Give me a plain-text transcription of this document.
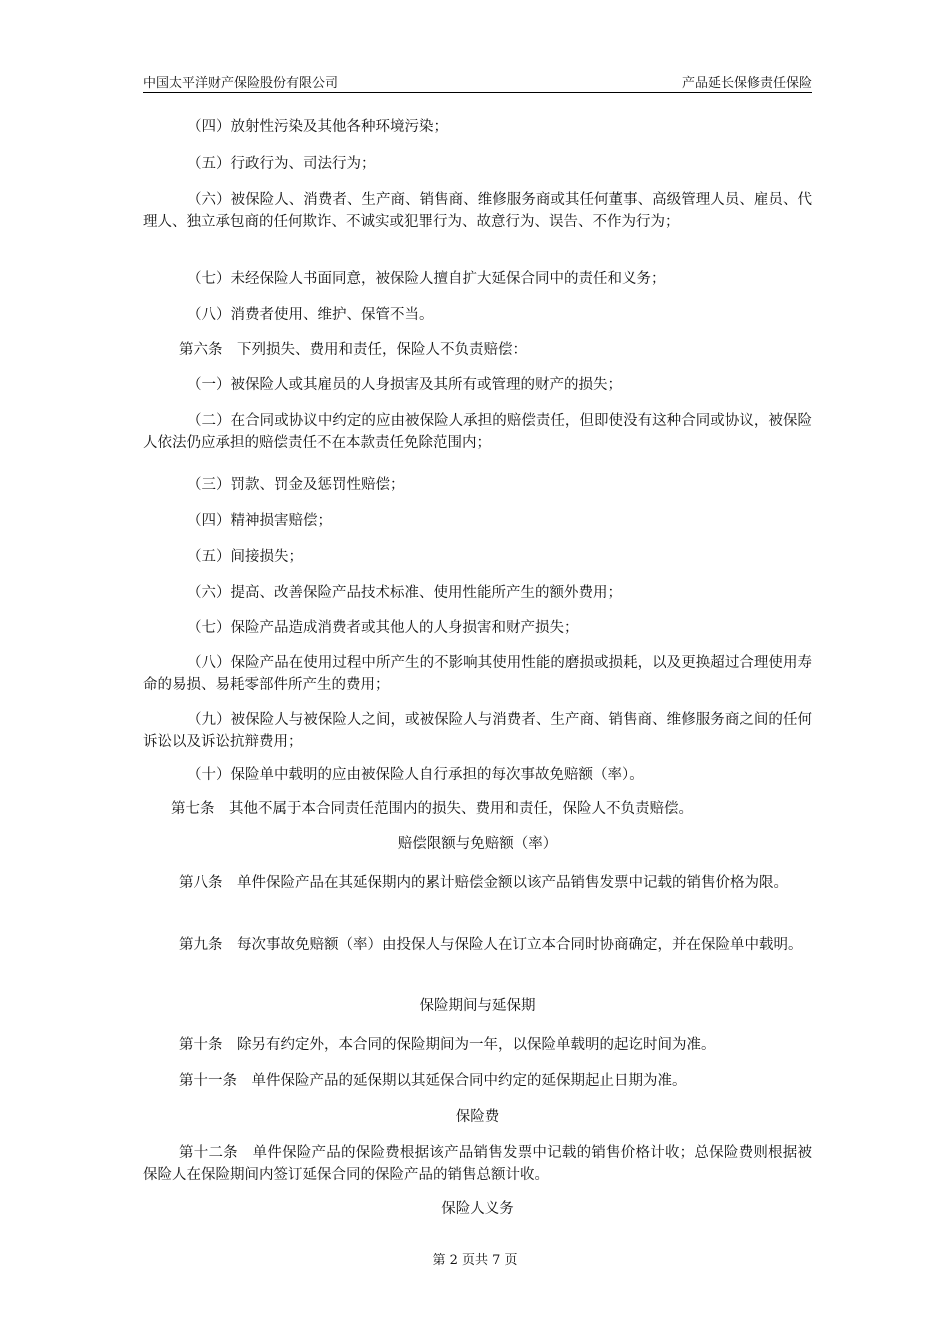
中国太平洋财产保险股份有限公司	产品延长保修责任保险
（四）放射性污染及其他各种环境污染；
（五）行政行为、司法行为；
（六）被保险人、消费者、生产商、销售商、维修服务商或其任何董事、高级管理人员、雇员、代理人、独立承包商的任何欺诈、不诚实或犯罪行为、故意行为、误告、不作为行为；
（七）未经保险人书面同意，被保险人擅自扩大延保合同中的责任和义务；
（八）消费者使用、维护、保管不当。
第六条　下列损失、费用和责任，保险人不负责赔偿：
（一）被保险人或其雇员的人身损害及其所有或管理的财产的损失；
（二）在合同或协议中约定的应由被保险人承担的赔偿责任，但即使没有这种合同或协议，被保险人依法仍应承担的赔偿责任不在本款责任免除范围内；
（三）罚款、罚金及惩罚性赔偿；
（四）精神损害赔偿；
（五）间接损失；
（六）提高、改善保险产品技术标准、使用性能所产生的额外费用；
（七）保险产品造成消费者或其他人的人身损害和财产损失；
（八）保险产品在使用过程中所产生的不影响其使用性能的磨损或损耗，以及更换超过合理使用寿命的易损、易耗零部件所产生的费用；
（九）被保险人与被保险人之间，或被保险人与消费者、生产商、销售商、维修服务商之间的任何诉讼以及诉讼抗辩费用；
（十）保险单中载明的应由被保险人自行承担的每次事故免赔额（率）。
第七条　其他不属于本合同责任范围内的损失、费用和责任，保险人不负责赔偿。
赔偿限额与免赔额（率）
第八条　单件保险产品在其延保期内的累计赔偿金额以该产品销售发票中记载的销售价格为限。
第九条　每次事故免赔额（率）由投保人与保险人在订立本合同时协商确定，并在保险单中载明。
保险期间与延保期
第十条　除另有约定外，本合同的保险期间为一年，以保险单载明的起讫时间为准。
第十一条　单件保险产品的延保期以其延保合同中约定的延保期起止日期为准。
保险费
第十二条　单件保险产品的保险费根据该产品销售发票中记载的销售价格计收；总保险费则根据被保险人在保险期间内签订延保合同的保险产品的销售总额计收。
保险人义务
第 2 页共 7 页
